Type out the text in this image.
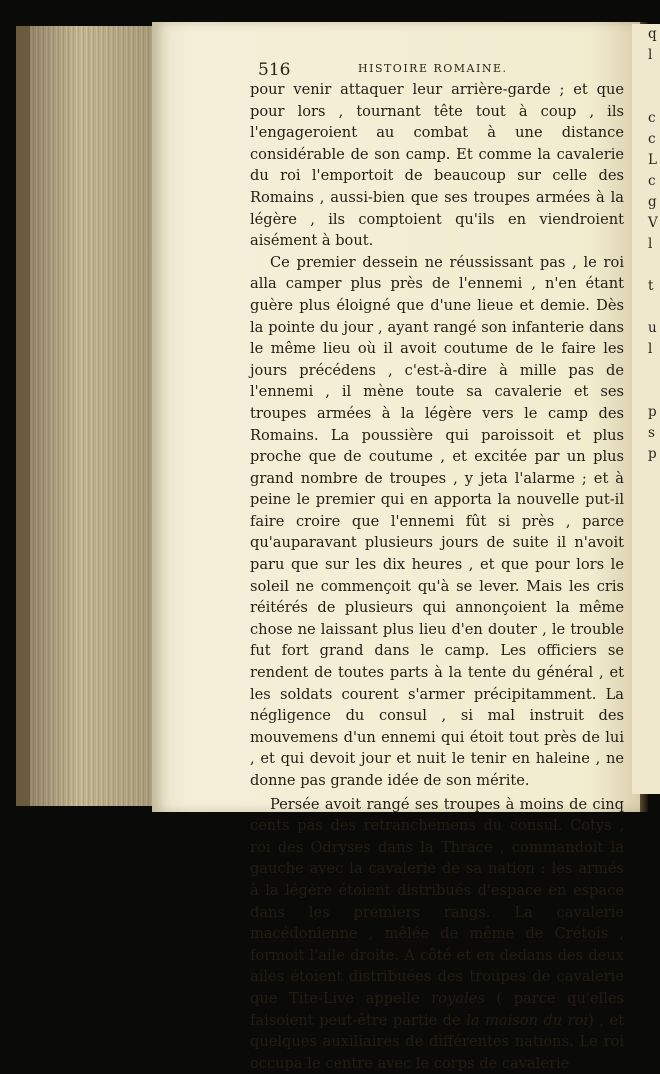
516	HISTOIRE ROMAINE.

pour venir attaquer leur arrière-garde ; et que pour lors , tournant tête tout à coup , ils l'engageroient au combat à une distance considérable de son camp. Et comme la cavalerie du roi l'emportoit de beaucoup sur celle des Romains , aussi-bien que ses troupes armées à la légère , ils comptoient qu'ils en viendroient aisément à bout.

Ce premier dessein ne réussissant pas , le roi alla camper plus près de l'ennemi , n'en étant guère plus éloigné que d'une lieue et demie. Dès la pointe du jour , ayant rangé son infanterie dans le même lieu où il avoit coutume de le faire les jours précédens , c'est-à-dire à mille pas de l'ennemi , il mène toute sa cavalerie et ses troupes armées à la légère vers le camp des Romains. La poussière qui paroissoit et plus proche que de coutume , et excitée par un plus grand nombre de troupes , y jeta l'alarme ; et à peine le premier qui en apporta la nouvelle put-il faire croire que l'ennemi fût si près , parce qu'auparavant plusieurs jours de suite il n'avoit paru que sur les dix heures , et que pour lors le soleil ne commençoit qu'à se lever. Mais les cris réitérés de plusieurs qui annonçoient la même chose ne laissant plus lieu d'en douter , le trouble fut fort grand dans le camp. Les officiers se rendent de toutes parts à la tente du général , et les soldats courent s'armer précipitamment. La négligence du consul , si mal instruit des mouvemens d'un ennemi qui étoit tout près de lui , et qui devoit jour et nuit le tenir en haleine , ne donne pas grande idée de son mérite.

Persée avoit rangé ses troupes à moins de cinq cents pas des retranchemens du consul. Cotys , roi des Odryses dans la Thrace , commandoit la gauche avec la cavalerie de sa nation : les armés à la légère étoient distribués d'espace en espace dans les premiers rangs. La cavalerie macédonienne , mêlée de même de Crétois , formoit l'aile droite. A côté et en dedans des deux ailes étoient distribuées des troupes de cavalerie que Tite-Live appelle royales ( parce qu'elles faisoient peut-être partie de la maison du roi) , et quelques auxiliaires de différentes nations. Le roi occupa le centre avec le corps de cavalerie

q
l
c
c
L
c
g
V
l
t
u
l
p
s
p
